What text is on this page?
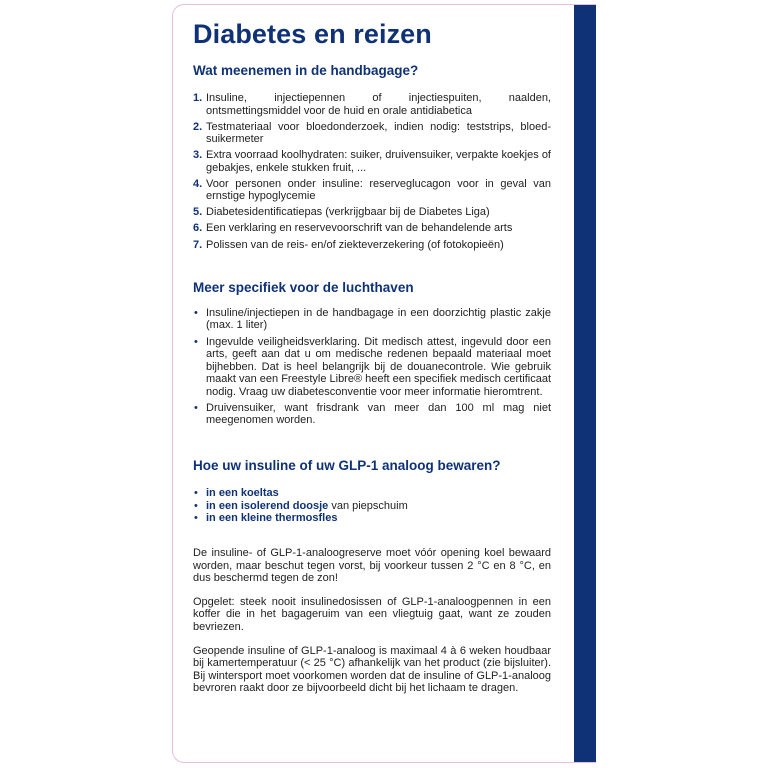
Diabetes en reizen
Wat meenemen in de handbagage?
1. Insuline, injectiepennen of injectiespuiten, naalden, ontsmettingsmiddel voor de huid en orale antidiabetica
2. Testmateriaal voor bloedonderzoek, indien nodig: teststrips, bloed-suikermeter
3. Extra voorraad koolhydraten: suiker, druivensuiker, verpakte koekjes of gebakjes, enkele stukken fruit, ...
4. Voor personen onder insuline: reserveglucagon voor in geval van ernstige hypoglycemie
5. Diabetesidentificatiepas (verkrijgbaar bij de Diabetes Liga)
6. Een verklaring en reservevoorschrift van de behandelende arts
7. Polissen van de reis- en/of ziekteverzekering (of fotokopieën)
Meer specifiek voor de luchthaven
• Insuline/injectiepen in de handbagage in een doorzichtig plastic zakje (max. 1 liter)
• Ingevulde veiligheidsverklaring. Dit medisch attest, ingevuld door een arts, geeft aan dat u om medische redenen bepaald materiaal moet bijhebben. Dat is heel belangrijk bij de douanecontrole. Wie gebruik maakt van een Freestyle Libre® heeft een specifiek medisch certificaat nodig. Vraag uw diabetesconventie voor meer informatie hieromtrent.
• Druivensuiker, want frisdrank van meer dan 100 ml mag niet meegenomen worden.
Hoe uw insuline of uw GLP-1 analoog bewaren?
• in een koeltas
• in een isolerend doosje van piepschuim
• in een kleine thermosfles

De insuline- of GLP-1-analoogreserve moet vóór opening koel bewaard worden, maar beschut tegen vorst, bij voorkeur tussen 2 °C en 8 °C, en dus beschermd tegen de zon!

Opgelet: steek nooit insulinedosissen of GLP-1-analoogpennen in een koffer die in het bagageruim van een vliegtuig gaat, want ze zouden bevriezen.

Geopende insuline of GLP-1-analoog is maximaal 4 à 6 weken houdbaar bij kamertemperatuur (< 25 °C) afhankelijk van het product (zie bijsluiter). Bij wintersport moet voorkomen worden dat de insuline of GLP-1-analoog bevroren raakt door ze bijvoorbeeld dicht bij het lichaam te dragen.
